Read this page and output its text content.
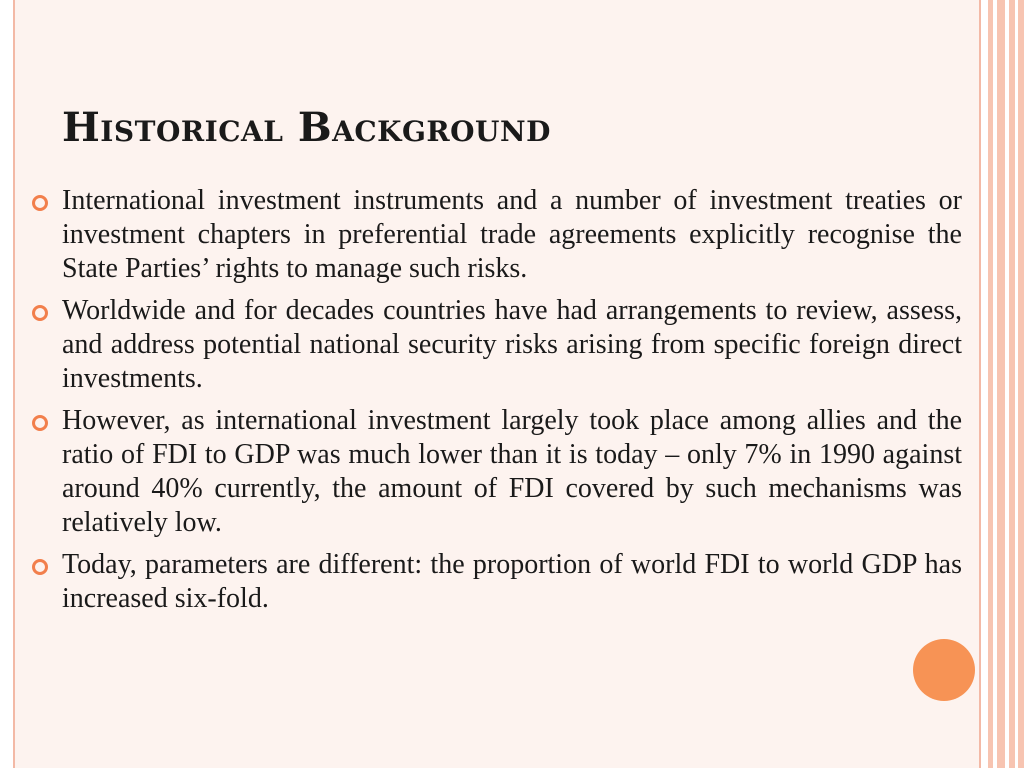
Historical Background
International investment instruments and a number of investment treaties or investment chapters in preferential trade agreements explicitly recognise the State Parties’ rights to manage such risks.
Worldwide and for decades countries have had arrangements to review, assess, and address potential national security risks arising from specific foreign direct investments.
However, as international investment largely took place among allies and the ratio of FDI to GDP was much lower than it is today – only 7% in 1990 against around 40% currently, the amount of FDI covered by such mechanisms was relatively low.
Today, parameters are different: the proportion of world FDI to world GDP has increased six-fold.
